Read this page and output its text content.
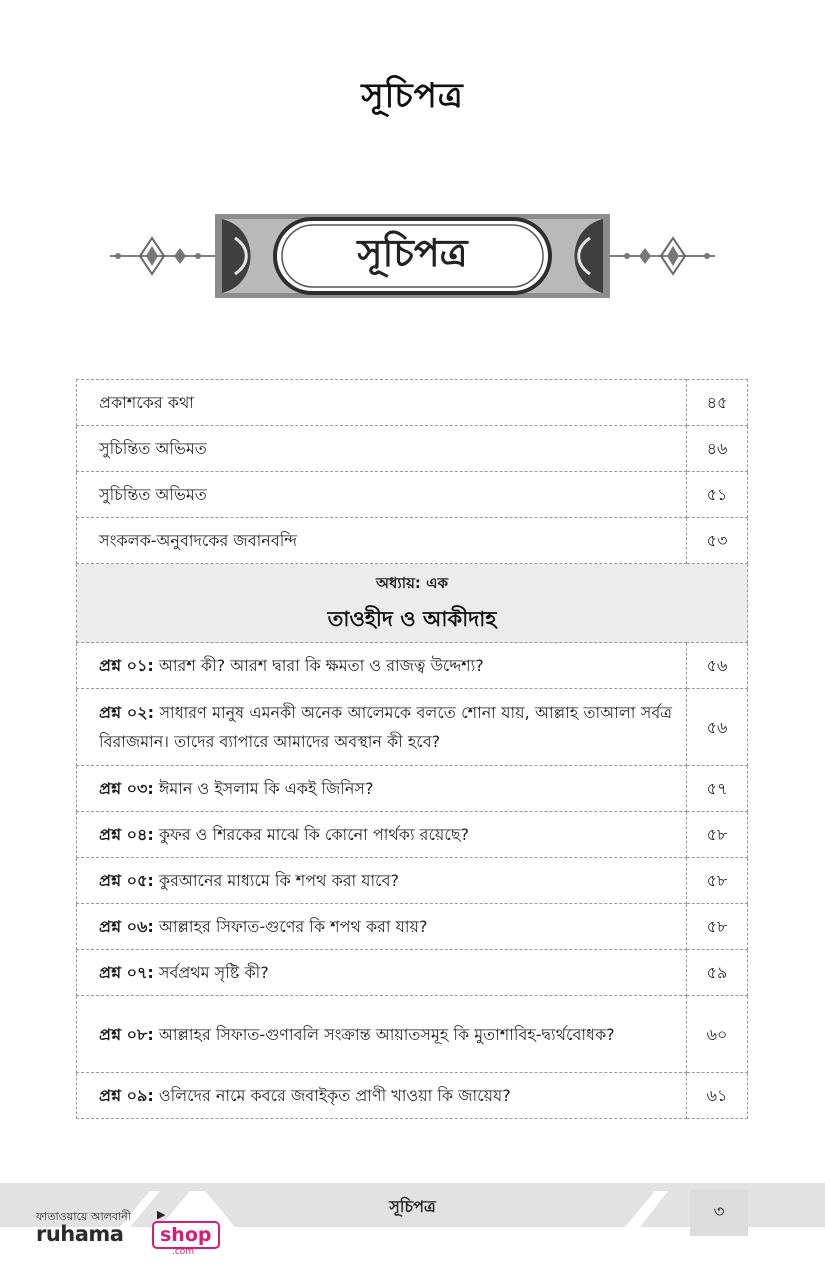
সূচিপত্র
সূচিপত্র
প্রকাশকের কথা	৪৫
সুচিন্তিত অভিমত	৪৬
সুচিন্তিত অভিমত	৫১
সংকলক-অনুবাদকের জবানবন্দি	৫৩

অধ্যায়: এক
তাওহীদ ও আকীদাহ	

প্রশ্ন ০১: আরশ কী? আরশ দ্বারা কি ক্ষমতা ও রাজত্ব উদ্দেশ্য?	৫৬
প্রশ্ন ০২: সাধারণ মানুষ এমনকী অনেক আলেমকে বলতে শোনা যায়, আল্লাহ তাআলা সর্বত্র বিরাজমান। তাদের ব্যাপারে আমাদের অবস্থান কী হবে?	৫৬
প্রশ্ন ০৩: ঈমান ও ইসলাম কি একই জিনিস?	৫৭
প্রশ্ন ০৪: কুফর ও শিরকের মাঝে কি কোনো পার্থক্য রয়েছে?	৫৮
প্রশ্ন ০৫: কুরআনের মাধ্যমে কি শপথ করা যাবে?	৫৮
প্রশ্ন ০৬: আল্লাহর সিফাত-গুণের কি শপথ করা যায়?	৫৮
প্রশ্ন ০৭: সর্বপ্রথম সৃষ্টি কী?	৫৯
প্রশ্ন ০৮: আল্লাহর সিফাত-গুণাবলি সংক্রান্ত আয়াতসমূহ কি মুতাশাবিহ-দ্ব্যর্থবোধক?	৬০
প্রশ্ন ০৯: ওলিদের নামে কবরে জবাইকৃত প্রাণী খাওয়া কি জায়েয?	৬১
সূচিপত্র	৩
ফাতাওয়ায়ে আলবানী ▶
ruhama	shop
.com
